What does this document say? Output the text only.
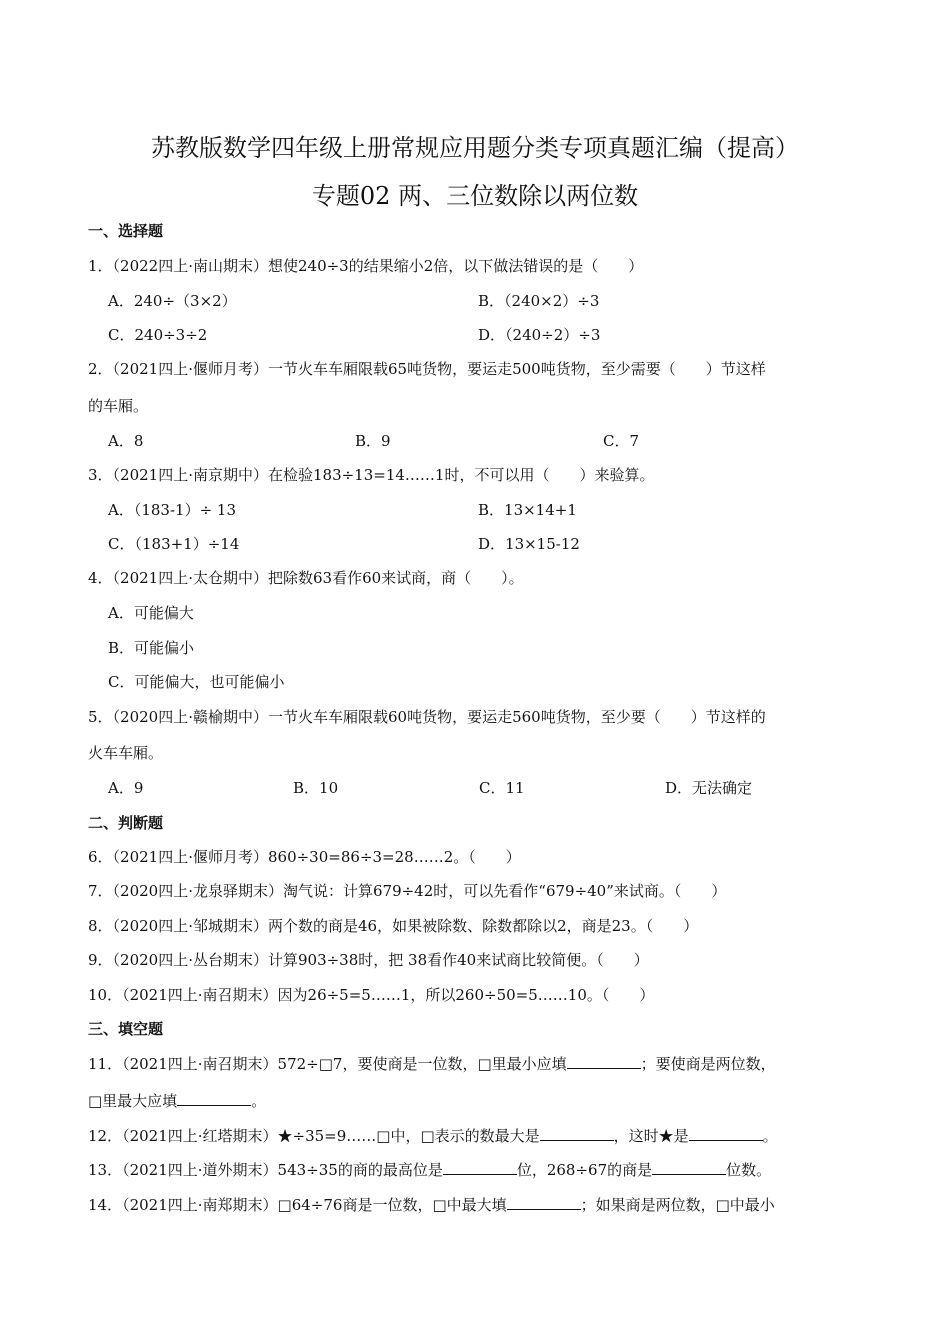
苏教版数学四年级上册常规应用题分类专项真题汇编（提高）
专题02 两、三位数除以两位数
一、选择题
1．（2022四上·南山期末）想使240÷3的结果缩小2倍，以下做法错误的是（　　）
A．240÷（3×2）	B．（240×2）÷3
C．240÷3÷2	D．（240÷2）÷3
2．（2021四上·偃师月考）一节火车车厢限载65吨货物，要运走500吨货物，至少需要（　　）节这样
的车厢。
A．8	B．9	C．7
3．（2021四上·南京期中）在检验183÷13=14……1时，不可以用（　　）来验算。
A．（183-1）÷ 13	B．13×14+1
C．（183+1）÷14	D．13×15-12
4．（2021四上·太仓期中）把除数63看作60来试商，商（　　）。
A．可能偏大
B．可能偏小
C．可能偏大，也可能偏小
5．（2020四上·赣榆期中）一节火车车厢限载60吨货物，要运走560吨货物，至少要（　　）节这样的
火车车厢。
A．9	B．10	C．11	D．无法确定
二、判断题
6．（2021四上·偃师月考）860÷30=86÷3=28……2。（　　）
7．（2020四上·龙泉驿期末）淘气说：计算679÷42时，可以先看作“679÷40”来试商。（　　）
8．（2020四上·邹城期末）两个数的商是46，如果被除数、除数都除以2，商是23。（　　）
9．（2020四上·丛台期末）计算903÷38时，把 38看作40来试商比较简便。（　　）
10．（2021四上·南召期末）因为26÷5=5……1，所以260÷50=5……10。（　　）
三、填空题
11．（2021四上·南召期末）572÷□7，要使商是一位数，□里最小应填	；要使商是两位数，
□里最大应填	。
12．（2021四上·红塔期末）★÷35=9……□中，□表示的数最大是	，这时★是	。
13．（2021四上·道外期末）543÷35的商的最高位是	位，268÷67的商是	位数。
14．（2021四上·南郑期末）□64÷76商是一位数，□中最大填	；如果商是两位数，□中最小
